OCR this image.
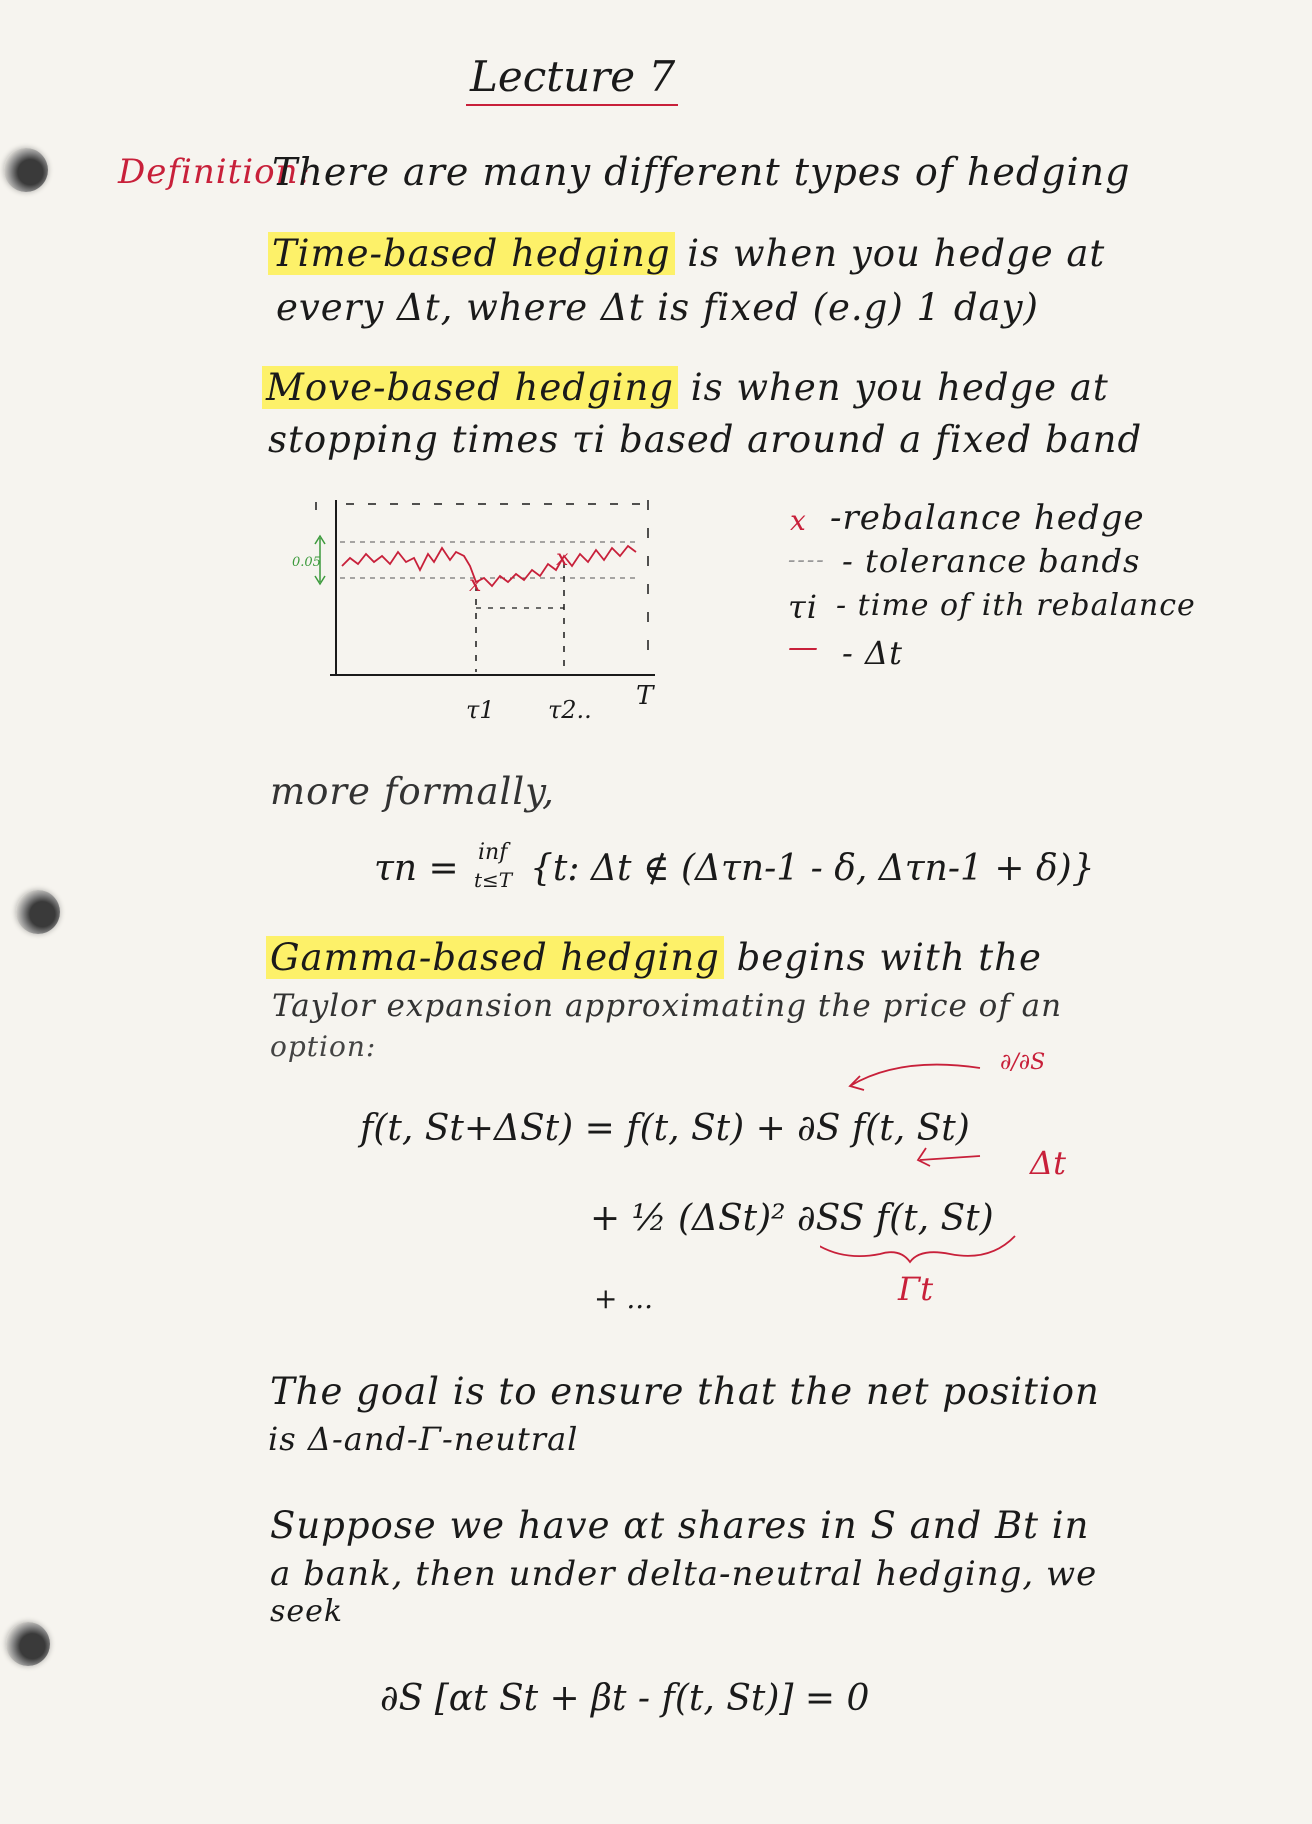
Lecture 7
Definition:
There are many different types of hedging
Time-based hedging is when you hedge at
every Δt, where Δt is fixed (e.g) 1 day)
Move-based hedging is when you hedge at
stopping times τi based around a fixed band
0.05
x
x
τ1 τ2.. T
x -rebalance hedge
---- - tolerance bands
τi - time of ith rebalance
— - Δt
more formally,
τn = inf
t≤T {t: Δt ∉ (Δτn-1 - δ, Δτn-1 + δ)}
Gamma-based hedging begins with the
Taylor expansion approximating the price of an
option:
f(t, St+ΔSt) = f(t, St) + ∂S f(t, St)
+ ½ (ΔSt)² ∂SS f(t, St)
+ ...
∂/∂S
Δt
Γt
The goal is to ensure that the net position
is Δ-and-Γ-neutral
Suppose we have αt shares in S and Bt in
a bank, then under delta-neutral hedging, we
seek
∂S [αt St + βt - f(t, St)] = 0
